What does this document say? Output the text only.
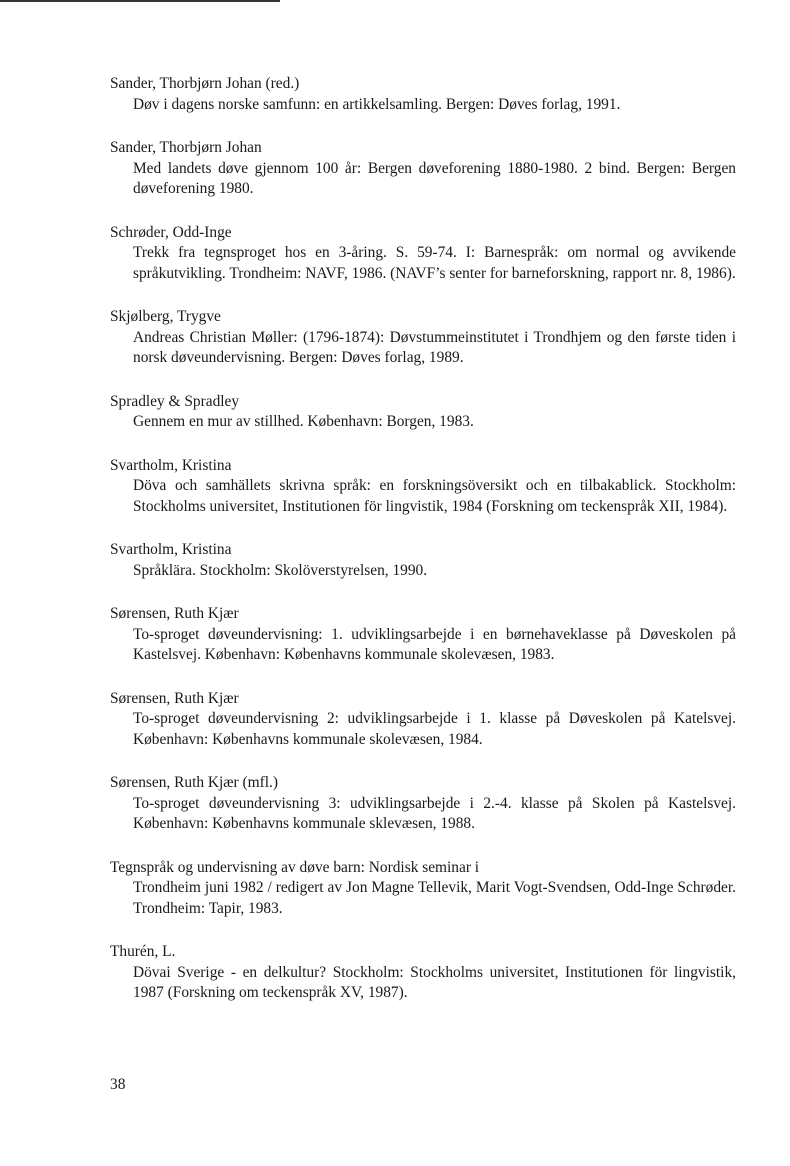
Sander, Thorbjørn Johan (red.)
Døv i dagens norske samfunn: en artikkelsamling. Bergen: Døves forlag, 1991.
Sander, Thorbjørn Johan
Med landets døve gjennom 100 år: Bergen døveforening 1880-1980. 2 bind. Bergen: Bergen døveforening 1980.
Schrøder, Odd-Inge
Trekk fra tegnsproget hos en 3-åring. S. 59-74. I: Barnespråk: om normal og avvikende språkutvikling. Trondheim: NAVF, 1986. (NAVF’s senter for barneforskning, rapport nr. 8, 1986).
Skjølberg, Trygve
Andreas Christian Møller: (1796-1874): Døvstummeinstitutet i Trondhjem og den første tiden i norsk døveundervisning. Bergen: Døves forlag, 1989.
Spradley & Spradley
Gennem en mur av stillhed. København: Borgen, 1983.
Svartholm, Kristina
Döva och samhällets skrivna språk: en forskningsöversikt och en tilbakablick. Stockholm: Stockholms universitet, Institutionen för lingvistik, 1984 (Forskning om teckenspråk XII, 1984).
Svartholm, Kristina
Språklära. Stockholm: Skolöverstyrelsen, 1990.
Sørensen, Ruth Kjær
To-sproget døveundervisning: 1. udviklingsarbejde i en børnehaveklasse på Døveskolen på Kastelsvej. København: Københavns kommunale skolevæsen, 1983.
Sørensen, Ruth Kjær
To-sproget døveundervisning 2: udviklingsarbejde i 1. klasse på Døveskolen på Katelsvej. København: Københavns kommunale skolevæsen, 1984.
Sørensen, Ruth Kjær (mfl.)
To-sproget døveundervisning 3: udviklingsarbejde i 2.-4. klasse på Skolen på Kastelsvej. København: Københavns kommunale sklevæsen, 1988.
Tegnspråk og undervisning av døve barn: Nordisk seminar i
Trondheim juni 1982 / redigert av Jon Magne Tellevik, Marit Vogt-Svendsen, Odd-Inge Schrøder. Trondheim: Tapir, 1983.
Thurén, L.
Dövai Sverige - en delkultur? Stockholm: Stockholms universitet, Institutionen för lingvistik, 1987 (Forskning om teckenspråk XV, 1987).
38
